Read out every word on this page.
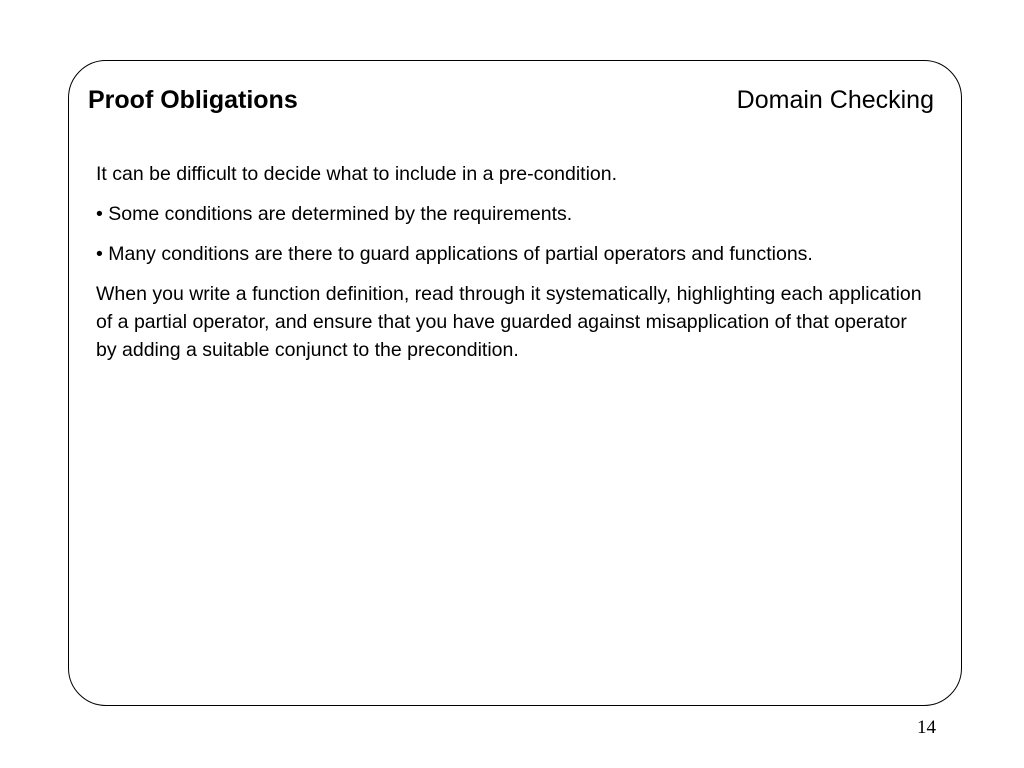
Proof Obligations	Domain Checking

It can be difficult to decide what to include in a pre-condition.

• Some conditions are determined by the requirements.

• Many conditions are there to guard applications of partial operators and functions.

When you write a function definition, read through it systematically, highlighting each application of a partial operator, and ensure that you have guarded against misapplication of that operator by adding a suitable conjunct to the precondition.

14
